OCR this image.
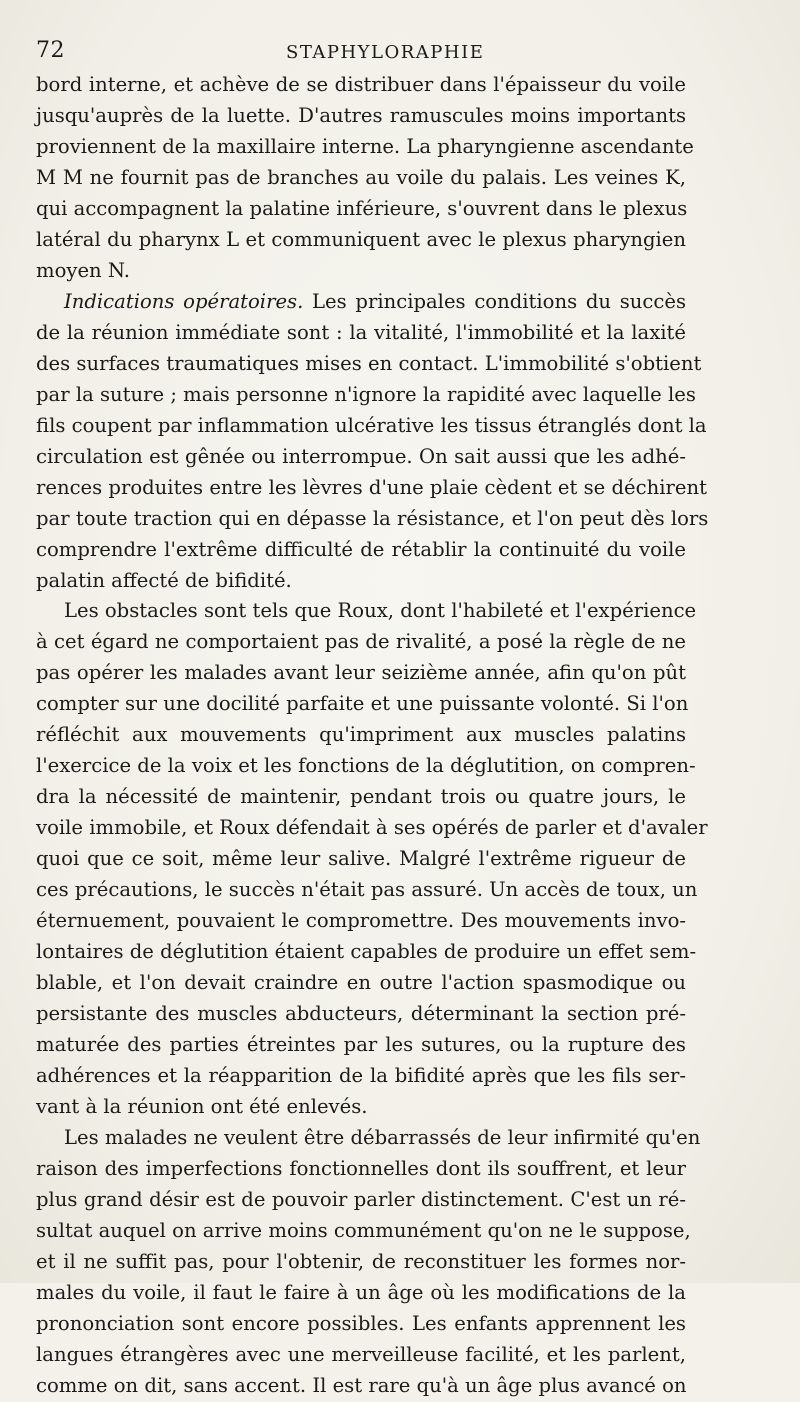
72	STAPHYLORAPHIE
bord interne, et achève de se distribuer dans l'épaisseur du voile
jusqu'auprès de la luette. D'autres ramuscules moins importants
proviennent de la maxillaire interne. La pharyngienne ascendante
M M ne fournit pas de branches au voile du palais. Les veines K,
qui accompagnent la palatine inférieure, s'ouvrent dans le plexus
latéral du pharynx L et communiquent avec le plexus pharyngien
moyen N.
Indications opératoires. Les principales conditions du succès
de la réunion immédiate sont : la vitalité, l'immobilité et la laxité
des surfaces traumatiques mises en contact. L'immobilité s'obtient
par la suture ; mais personne n'ignore la rapidité avec laquelle les
fils coupent par inflammation ulcérative les tissus étranglés dont la
circulation est gênée ou interrompue. On sait aussi que les adhé-
rences produites entre les lèvres d'une plaie cèdent et se déchirent
par toute traction qui en dépasse la résistance, et l'on peut dès lors
comprendre l'extrême difficulté de rétablir la continuité du voile
palatin affecté de bifidité.
Les obstacles sont tels que Roux, dont l'habileté et l'expérience
à cet égard ne comportaient pas de rivalité, a posé la règle de ne
pas opérer les malades avant leur seizième année, afin qu'on pût
compter sur une docilité parfaite et une puissante volonté. Si l'on
réfléchit aux mouvements qu'impriment aux muscles palatins
l'exercice de la voix et les fonctions de la déglutition, on compren-
dra la nécessité de maintenir, pendant trois ou quatre jours, le
voile immobile, et Roux défendait à ses opérés de parler et d'avaler
quoi que ce soit, même leur salive. Malgré l'extrême rigueur de
ces précautions, le succès n'était pas assuré. Un accès de toux, un
éternuement, pouvaient le compromettre. Des mouvements invo-
lontaires de déglutition étaient capables de produire un effet sem-
blable, et l'on devait craindre en outre l'action spasmodique ou
persistante des muscles abducteurs, déterminant la section pré-
maturée des parties étreintes par les sutures, ou la rupture des
adhérences et la réapparition de la bifidité après que les fils ser-
vant à la réunion ont été enlevés.
Les malades ne veulent être débarrassés de leur infirmité qu'en
raison des imperfections fonctionnelles dont ils souffrent, et leur
plus grand désir est de pouvoir parler distinctement. C'est un ré-
sultat auquel on arrive moins communément qu'on ne le suppose,
et il ne suffit pas, pour l'obtenir, de reconstituer les formes nor-
males du voile, il faut le faire à un âge où les modifications de la
prononciation sont encore possibles. Les enfants apprennent les
langues étrangères avec une merveilleuse facilité, et les parlent,
comme on dit, sans accent. Il est rare qu'à un âge plus avancé on
